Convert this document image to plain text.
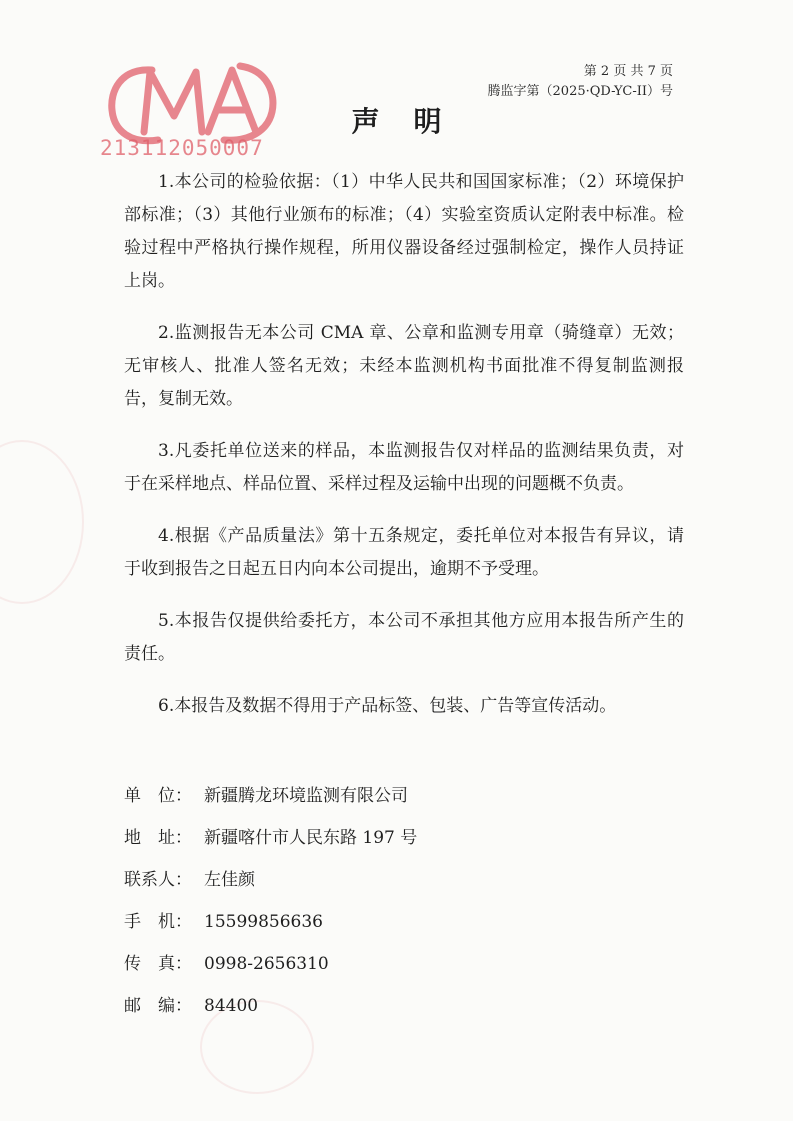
213112050007
第 2 页 共 7 页
腾监字第（2025·QD-YC-II）号
声明

1.本公司的检验依据：（1）中华人民共和国国家标准；（2）环境保护部标准；（3）其他行业颁布的标准；（4）实验室资质认定附表中标准。检验过程中严格执行操作规程，所用仪器设备经过强制检定，操作人员持证上岗。

2.监测报告无本公司 CMA 章、公章和监测专用章（骑缝章）无效；无审核人、批准人签名无效；未经本监测机构书面批准不得复制监测报告，复制无效。

3.凡委托单位送来的样品，本监测报告仅对样品的监测结果负责，对于在采样地点、样品位置、采样过程及运输中出现的问题概不负责。

4.根据《产品质量法》第十五条规定，委托单位对本报告有异议，请于收到报告之日起五日内向本公司提出，逾期不予受理。

5.本报告仅提供给委托方，本公司不承担其他方应用本报告所产生的责任。

6.本报告及数据不得用于产品标签、包装、广告等宣传活动。

单　位： 新疆腾龙环境监测有限公司
地　址： 新疆喀什市人民东路 197 号
联系人： 左佳颜
手　机： 15599856636
传　真： 0998-2656310
邮　编： 84400
